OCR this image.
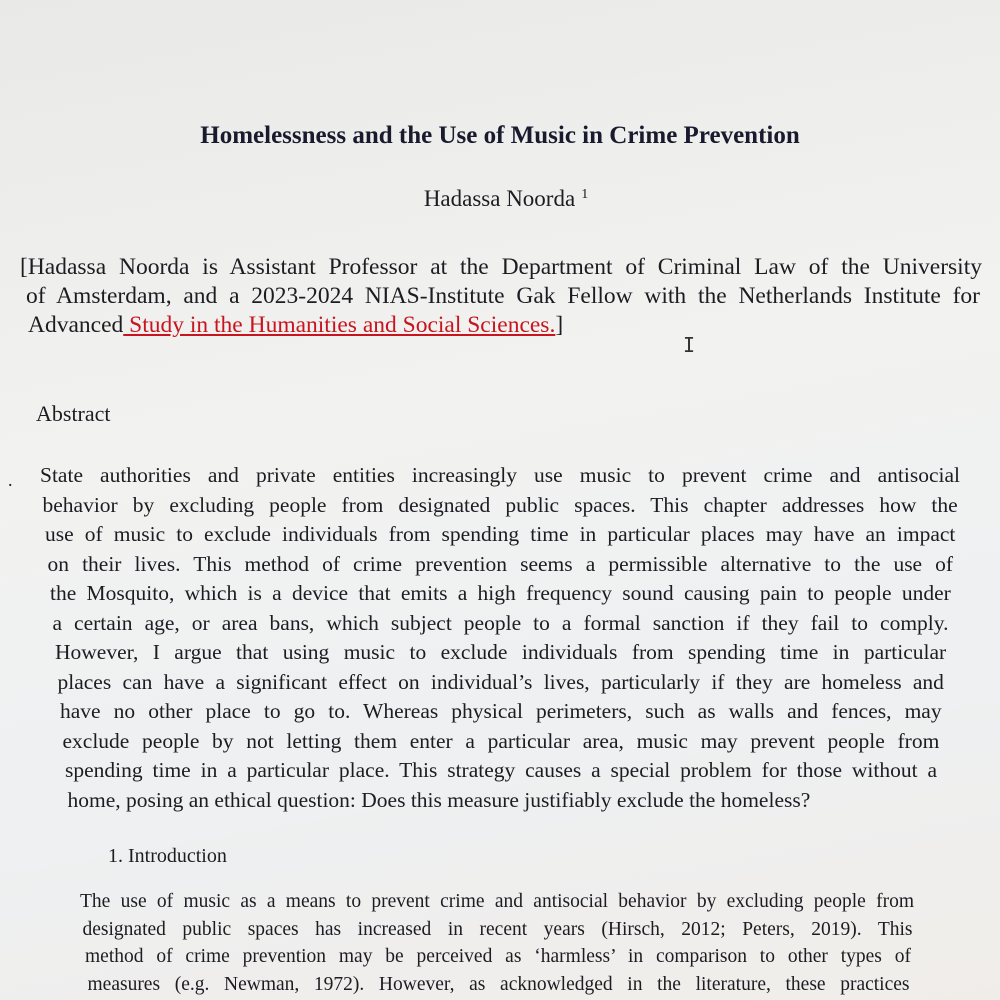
Homelessness and the Use of Music in Crime Prevention
Hadassa Noorda $^1$
[Hadassa Noorda is Assistant Professor at the Department of Criminal Law of the University
of Amsterdam, and a 2023-2024 NIAS-Institute Gak Fellow with the Netherlands Institute for
Advanced Study in the Humanities and Social Sciences.]
I
Abstract
. State authorities and private entities increasingly use music to prevent crime and antisocial
behavior by excluding people from designated public spaces. This chapter addresses how the
use of music to exclude individuals from spending time in particular places may have an impact
on their lives. This method of crime prevention seems a permissible alternative to the use of
the Mosquito, which is a device that emits a high frequency sound causing pain to people under
a certain age, or area bans, which subject people to a formal sanction if they fail to comply.
However, I argue that using music to exclude individuals from spending time in particular
places can have a significant effect on individual’s lives, particularly if they are homeless and
have no other place to go to. Whereas physical perimeters, such as walls and fences, may
exclude people by not letting them enter a particular area, music may prevent people from
spending time in a particular place. This strategy causes a special problem for those without a
home, posing an ethical question: Does this measure justifiably exclude the homeless?
1. Introduction
The use of music as a means to prevent crime and antisocial behavior by excluding people from
designated public spaces has increased in recent years (Hirsch, 2012; Peters, 2019). This
method of crime prevention may be perceived as ‘harmless’ in comparison to other types of
measures (e.g. Newman, 1972). However, as acknowledged in the literature, these practices
